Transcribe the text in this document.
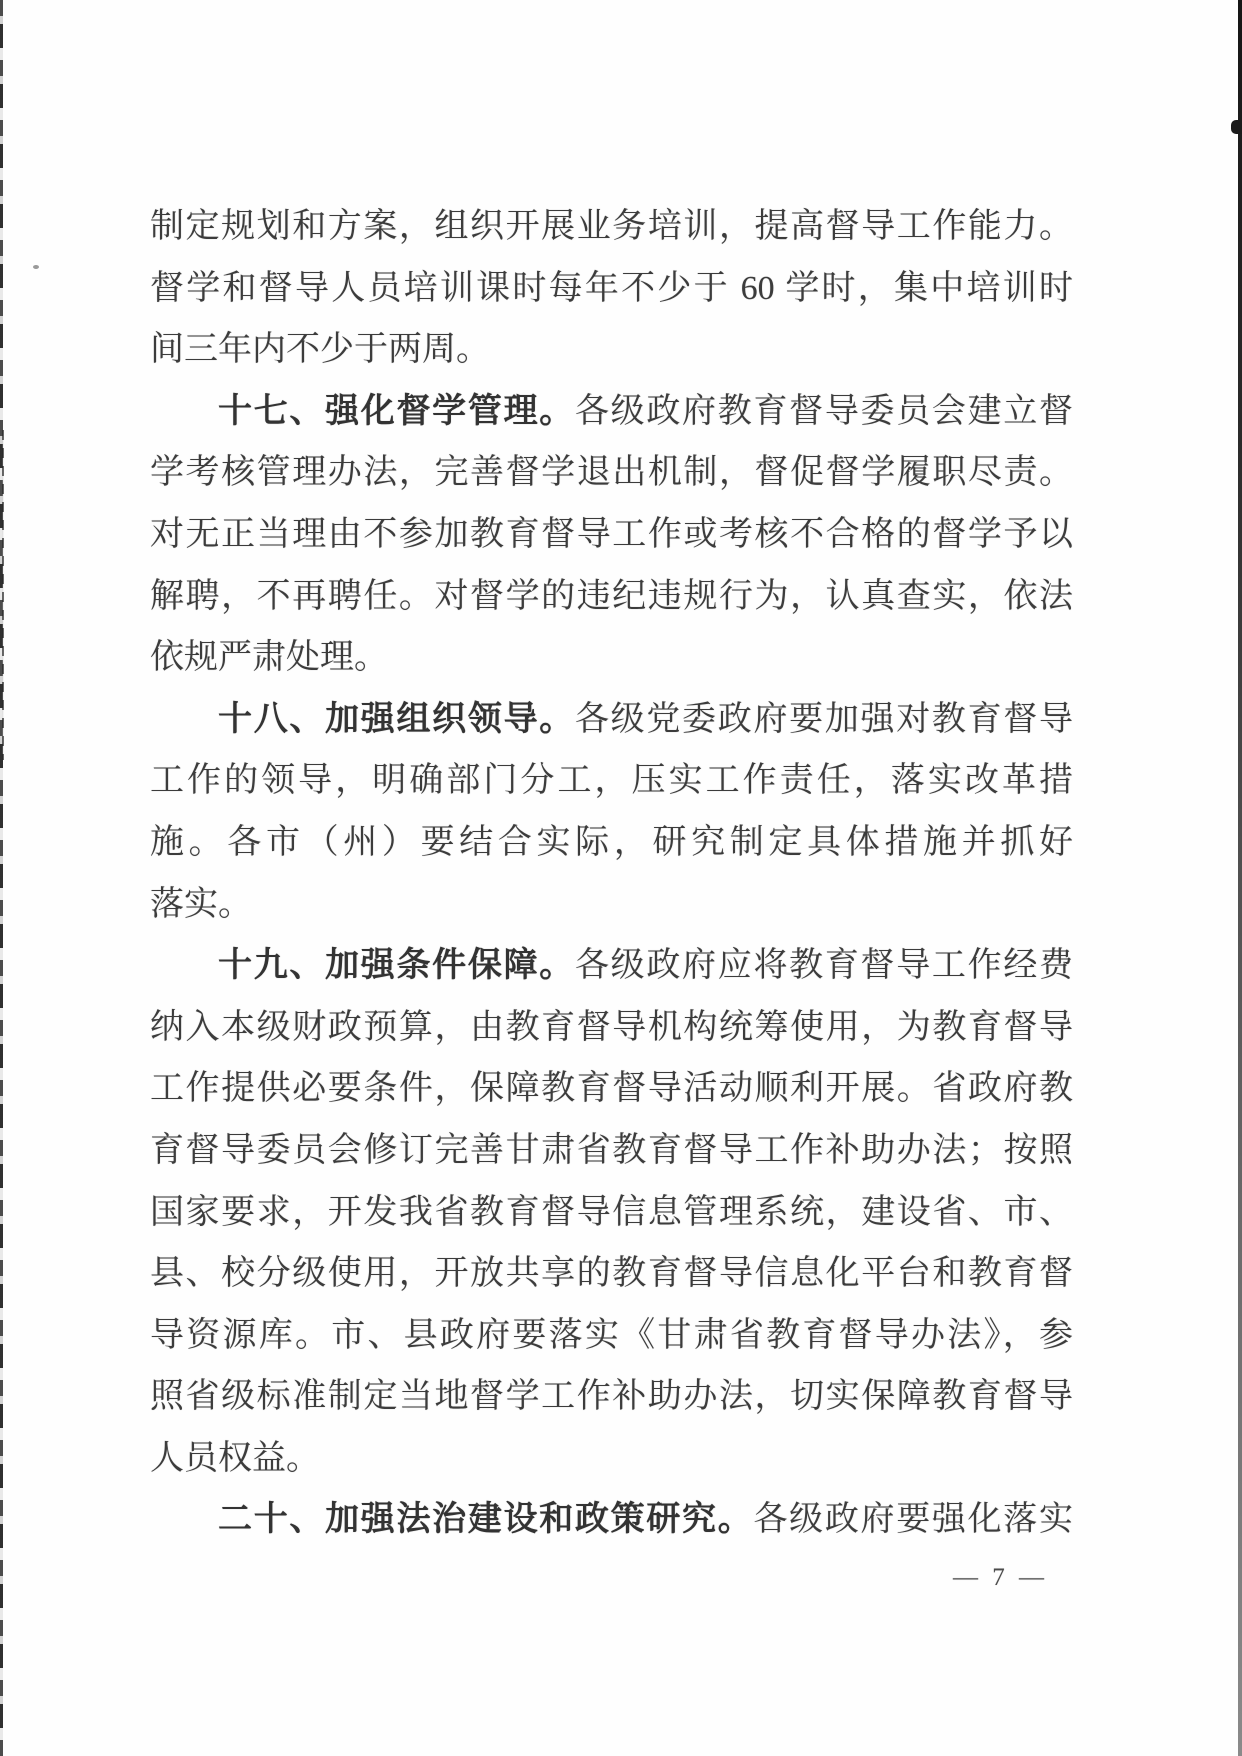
制定规划和方案，组织开展业务培训，提高督导工作能力。
督学和督导人员培训课时每年不少于 60 学时，集中培训时
间三年内不少于两周。
十七、强化督学管理。各级政府教育督导委员会建立督
学考核管理办法，完善督学退出机制，督促督学履职尽责。
对无正当理由不参加教育督导工作或考核不合格的督学予以
解聘，不再聘任。对督学的违纪违规行为，认真查实，依法
依规严肃处理。
十八、加强组织领导。各级党委政府要加强对教育督导
工作的领导，明确部门分工，压实工作责任，落实改革措
施。各市（州）要结合实际，研究制定具体措施并抓好
落实。
十九、加强条件保障。各级政府应将教育督导工作经费
纳入本级财政预算，由教育督导机构统筹使用，为教育督导
工作提供必要条件，保障教育督导活动顺利开展。省政府教
育督导委员会修订完善甘肃省教育督导工作补助办法；按照
国家要求，开发我省教育督导信息管理系统，建设省、市、
县、校分级使用，开放共享的教育督导信息化平台和教育督
导资源库。市、县政府要落实《甘肃省教育督导办法》，参
照省级标准制定当地督学工作补助办法，切实保障教育督导
人员权益。
二十、加强法治建设和政策研究。各级政府要强化落实
— 7 —
